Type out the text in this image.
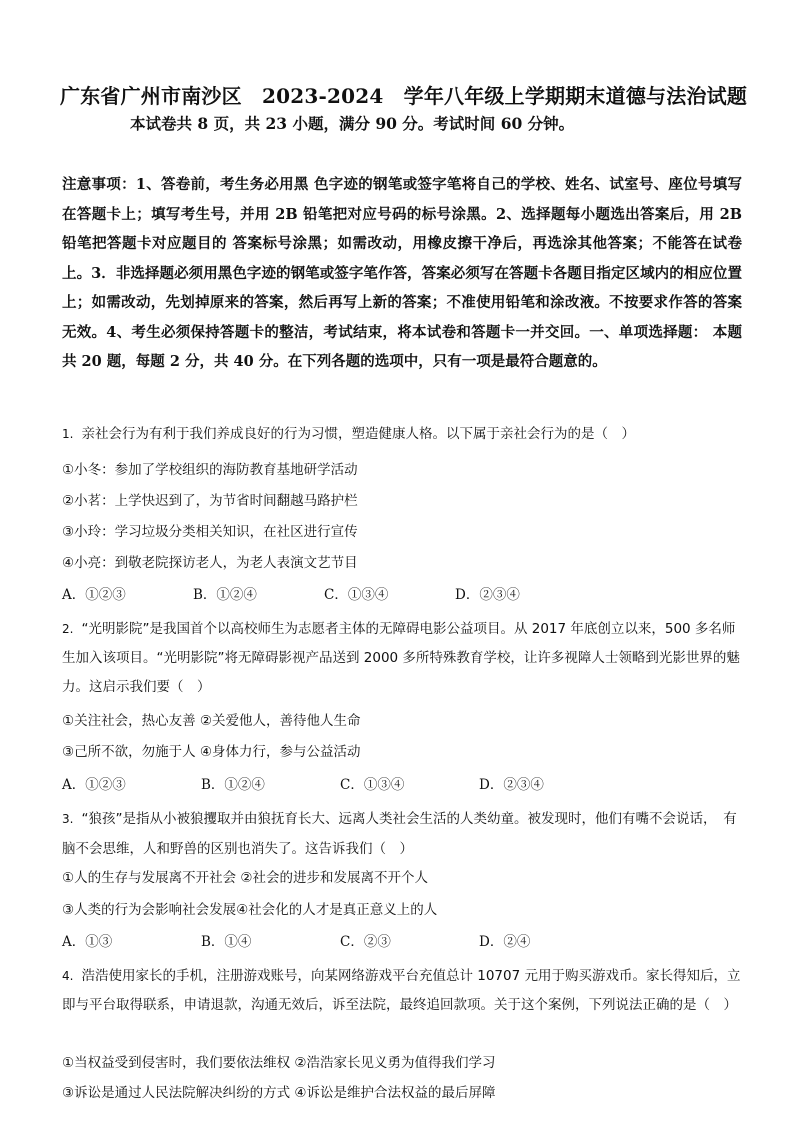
广东省广州市南沙区　2023-2024　学年八年级上学期期末道德与法治试题
本试卷共 8 页，共 23 小题，满分 90 分。考试时间 60 分钟。
注意事项：1、答卷前，考生务必用黑 色字迹的钢笔或签字笔将自己的学校、姓名、试室号、座位号填写在答题卡上；填写考生号，并用 2B 铅笔把对应号码的标号涂黑。2、选择题每小题选出答案后，用 2B 铅笔把答题卡对应题目的 答案标号涂黑；如需改动，用橡皮擦干净后，再选涂其他答案；不能答在试卷上。3．非选择题必须用黑色字迹的钢笔或签字笔作答，答案必须写在答题卡各题目指定区域内的相应位置上；如需改动，先划掉原来的答案，然后再写上新的答案；不准使用铅笔和涂改液。不按要求作答的答案无效。4、考生必须保持答题卡的整洁，考试结束，将本试卷和答题卡一并交回。一、单项选择题： 本题共 20 题，每题 2 分，共 40 分。在下列各题的选项中，只有一项是最符合题意的。
1. 亲社会行为有利于我们养成良好的行为习惯，塑造健康人格。以下属于亲社会行为的是（　）
①小冬：参加了学校组织的海防教育基地研学活动
②小茗：上学快迟到了，为节省时间翻越马路护栏
③小玲：学习垃圾分类相关知识，在社区进行宣传
④小亮：到敬老院探访老人，为老人表演文艺节目
A．①②③	B．①②④	C．①③④	D．②③④
2. “光明影院”是我国首个以高校师生为志愿者主体的无障碍电影公益项目。从 2017 年底创立以来，500 多名师生加入该项目。“光明影院”将无障碍影视产品送到 2000 多所特殊教育学校，让许多视障人士领略到光影世界的魅力。这启示我们要（　）
①关注社会，热心友善 ②关爱他人，善待他人生命
③己所不欲，勿施于人 ④身体力行，参与公益活动
A．①②③	B．①②④	C．①③④	D．②③④
3. “狼孩”是指从小被狼攫取并由狼抚育长大、远离人类社会生活的人类幼童。被发现时，他们有嘴不会说话，　有脑不会思维，人和野兽的区别也消失了。这告诉我们（　）
①人的生存与发展离不开社会 ②社会的进步和发展离不开个人
③人类的行为会影响社会发展④社会化的人才是真正意义上的人
A．①③	B．①④	C．②③	D．②④
4. 浩浩使用家长的手机，注册游戏账号，向某网络游戏平台充值总计 10707 元用于购买游戏币。家长得知后，立即与平台取得联系，申请退款，沟通无效后，诉至法院，最终追回款项。关于这个案例，下列说法正确的是（　）
①当权益受到侵害时，我们要依法维权 ②浩浩家长见义勇为值得我们学习
③诉讼是通过人民法院解决纠纷的方式 ④诉讼是维护合法权益的最后屏障
